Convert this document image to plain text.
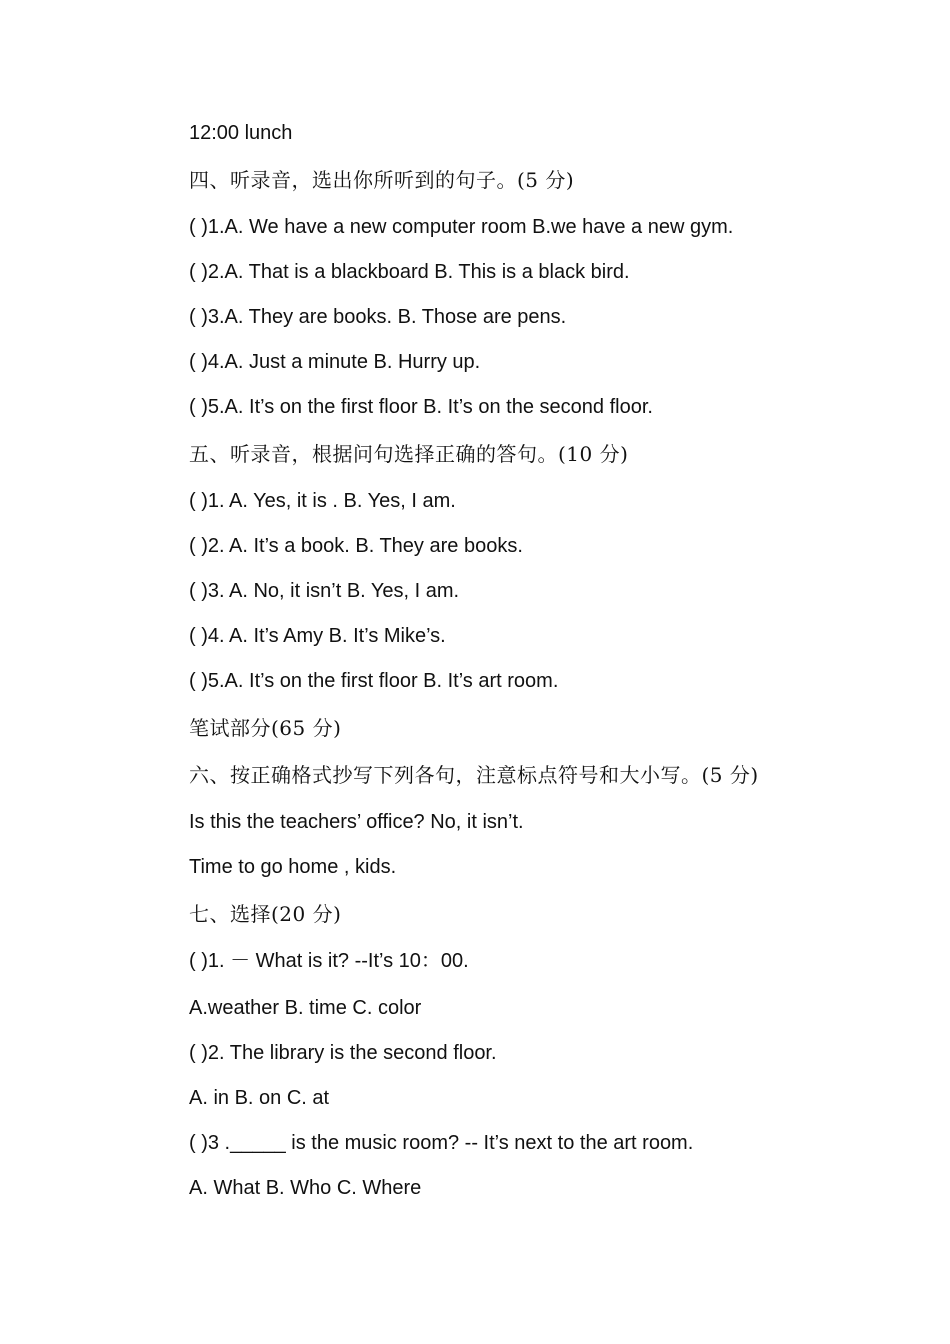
12:00 lunch

四、听录音，选出你所听到的句子。(5 分)

( )1.A. We have a new computer room B.we have a new gym.

( )2.A. That is a blackboard B. This is a black bird.

( )3.A. They are books. B. Those are pens.

( )4.A. Just a minute B. Hurry up.

( )5.A. It’s on the first floor B. It’s on the second floor.

五、听录音，根据问句选择正确的答句。(10 分)

( )1. A. Yes, it is . B. Yes, I am.

( )2. A. It’s a book. B. They are books.

( )3. A. No, it isn’t B. Yes, I am.

( )4. A. It’s Amy B. It’s Mike’s.

( )5.A. It’s on the first floor B. It’s art room.

笔试部分(65 分)

六、按正确格式抄写下列各句，注意标点符号和大小写。(5 分)

Is this the teachers’ office? No, it isn’t.

Time to go home , kids.

七、选择(20 分)

( )1. － What is it? --It’s 10：00.

A.weather B. time C. color

( )2. The library is the second floor.

A. in B. on C. at

( )3 ._____ is the music room? -- It’s next to the art room.

A. What B. Who C. Where
